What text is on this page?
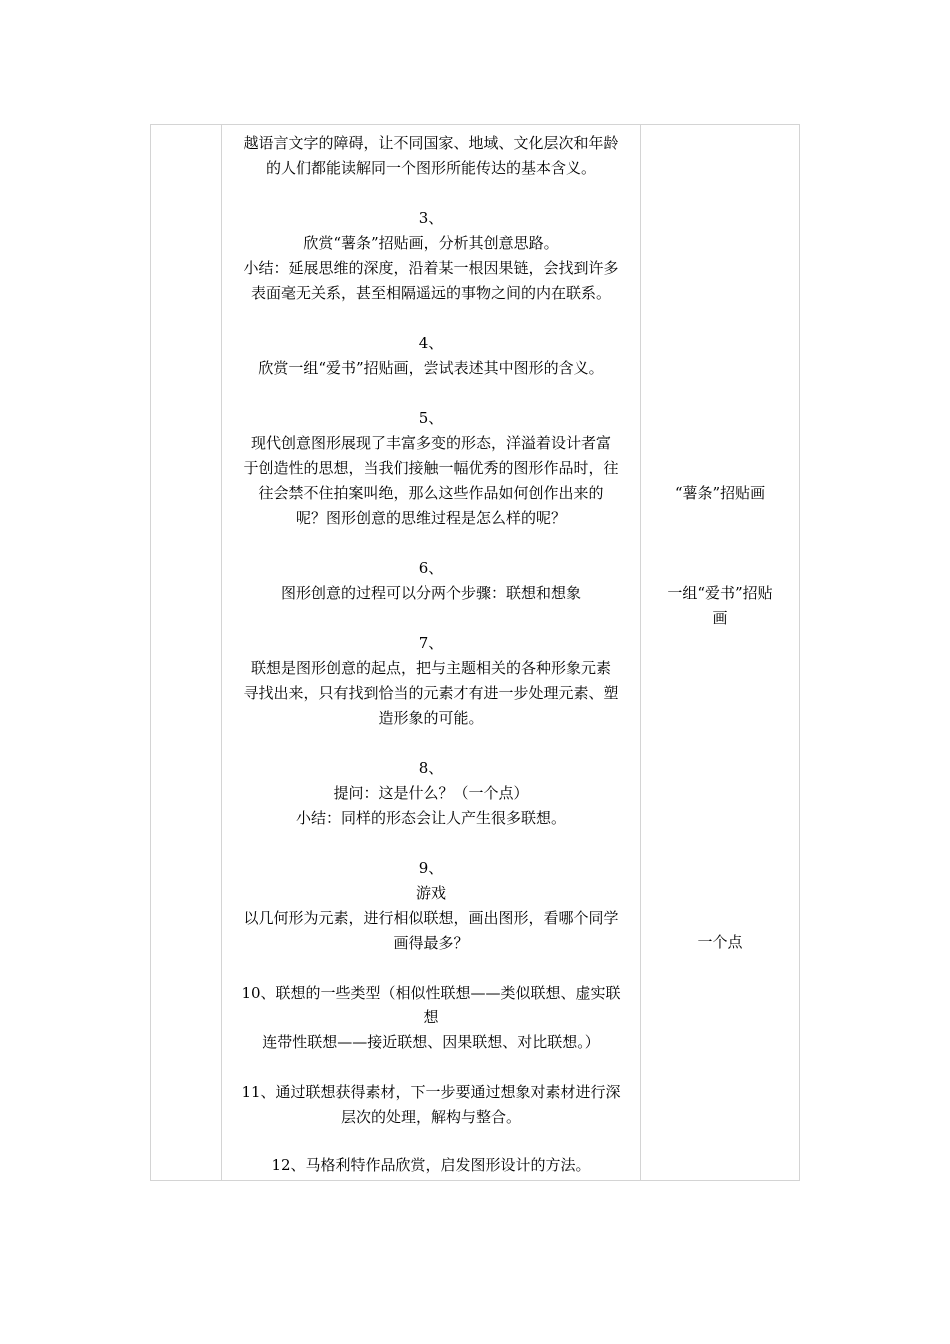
越语言文字的障碍，让不同国家、地域、文化层次和年龄
的人们都能读解同一个图形所能传达的基本含义。
3、
欣赏“薯条”招贴画，分析其创意思路。
小结：延展思维的深度，沿着某一根因果链，会找到许多
表面毫无关系，甚至相隔遥远的事物之间的内在联系。
4、
欣赏一组“爱书”招贴画，尝试表述其中图形的含义。
5、
现代创意图形展现了丰富多变的形态，洋溢着设计者富
于创造性的思想，当我们接触一幅优秀的图形作品时，往
往会禁不住拍案叫绝，那么这些作品如何创作出来的
呢？图形创意的思维过程是怎么样的呢？
6、
图形创意的过程可以分两个步骤：联想和想象
7、
联想是图形创意的起点，把与主题相关的各种形象元素
寻找出来，只有找到恰当的元素才有进一步处理元素、塑
造形象的可能。
8、
提问：这是什么？（一个点）
小结：同样的形态会让人产生很多联想。
9、
游戏
以几何形为元素，进行相似联想，画出图形，看哪个同学
画得最多？
10、联想的一些类型（相似性联想——类似联想、虚实联
想
连带性联想——接近联想、因果联想、对比联想。）
11、通过联想获得素材，下一步要通过想象对素材进行深
层次的处理，解构与整合。
12、马格利特作品欣赏，启发图形设计的方法。
“薯条”招贴画
一组“爱书”招贴
画
一个点
